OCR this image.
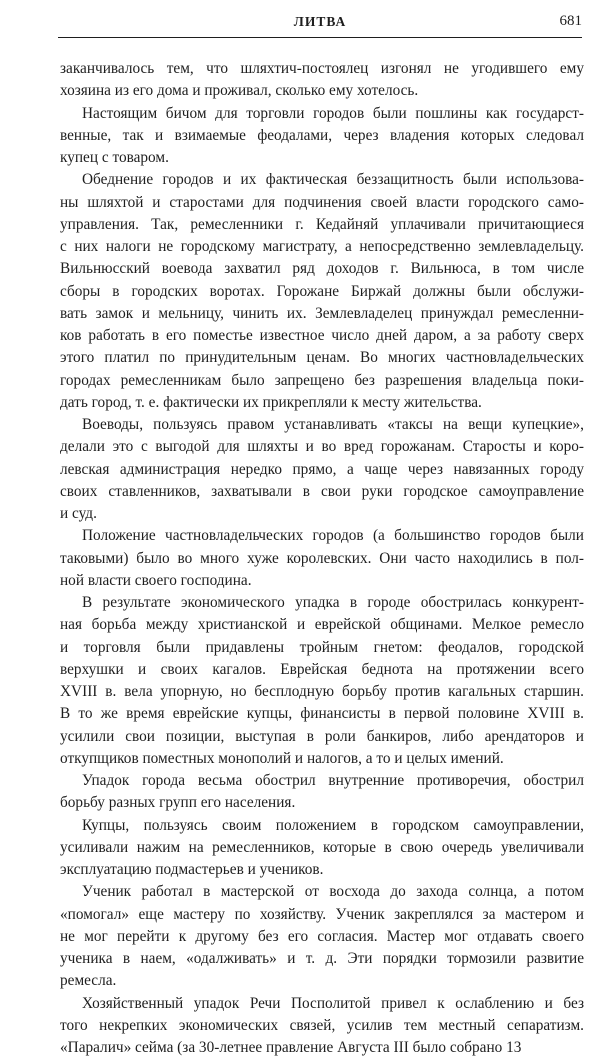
ЛИТВА	681
заканчивалось тем, что шляхтич-постоялец изгонял не угодившего ему
хозяина из его дома и проживал, сколько ему хотелось.
Настоящим бичом для торговли городов были пошлины как государст-
венные, так и взимаемые феодалами, через владения которых следовал
купец с товаром.
Обеднение городов и их фактическая беззащитность были использова-
ны шляхтой и старостами для подчинения своей власти городского само-
управления. Так, ремесленники г. Кедайняй уплачивали причитающиеся
с них налоги не городскому магистрату, а непосредственно землевладельцу.
Вильнюсский воевода захватил ряд доходов г. Вильнюса, в том числе
сборы в городских воротах. Горожане Биржай должны были обслужи-
вать замок и мельницу, чинить их. Землевладелец принуждал ремесленни-
ков работать в его поместье известное число дней даром, а за работу сверх
этого платил по принудительным ценам. Во многих частновладельческих
городах ремесленникам было запрещено без разрешения владельца поки-
дать город, т. е. фактически их прикрепляли к месту жительства.
Воеводы, пользуясь правом устанавливать «таксы на вещи купецкие»,
делали это с выгодой для шляхты и во вред горожанам. Старосты и коро-
левская администрация нередко прямо, а чаще через навязанных городу
своих ставленников, захватывали в свои руки городское самоуправление
и суд.
Положение частновладельческих городов (а большинство городов были
таковыми) было во много хуже королевских. Они часто находились в пол-
ной власти своего господина.
В результате экономического упадка в городе обострилась конкурент-
ная борьба между христианской и еврейской общинами. Мелкое ремесло
и торговля были придавлены тройным гнетом: феодалов, городской
верхушки и своих кагалов. Еврейская беднота на протяжении всего
XVIII в. вела упорную, но бесплодную борьбу против кагальных старшин.
В то же время еврейские купцы, финансисты в первой половине XVIII в.
усилили свои позиции, выступая в роли банкиров, либо арендаторов и
откупщиков поместных монополий и налогов, а то и целых имений.
Упадок города весьма обострил внутренние противоречия, обострил
борьбу разных групп его населения.
Купцы, пользуясь своим положением в городском самоуправлении,
усиливали нажим на ремесленников, которые в свою очередь увеличивали
эксплуатацию подмастерьев и учеников.
Ученик работал в мастерской от восхода до захода солнца, а потом
«помогал» еще мастеру по хозяйству. Ученик закреплялся за мастером и
не мог перейти к другому без его согласия. Мастер мог отдавать своего
ученика в наем, «одалживать» и т. д. Эти порядки тормозили развитие
ремесла.
Хозяйственный упадок Речи Посполитой привел к ослаблению и без
того некрепких экономических связей, усилив тем местный сепаратизм.
«Паралич» сейма (за 30-летнее правление Августа III было собрано 13
